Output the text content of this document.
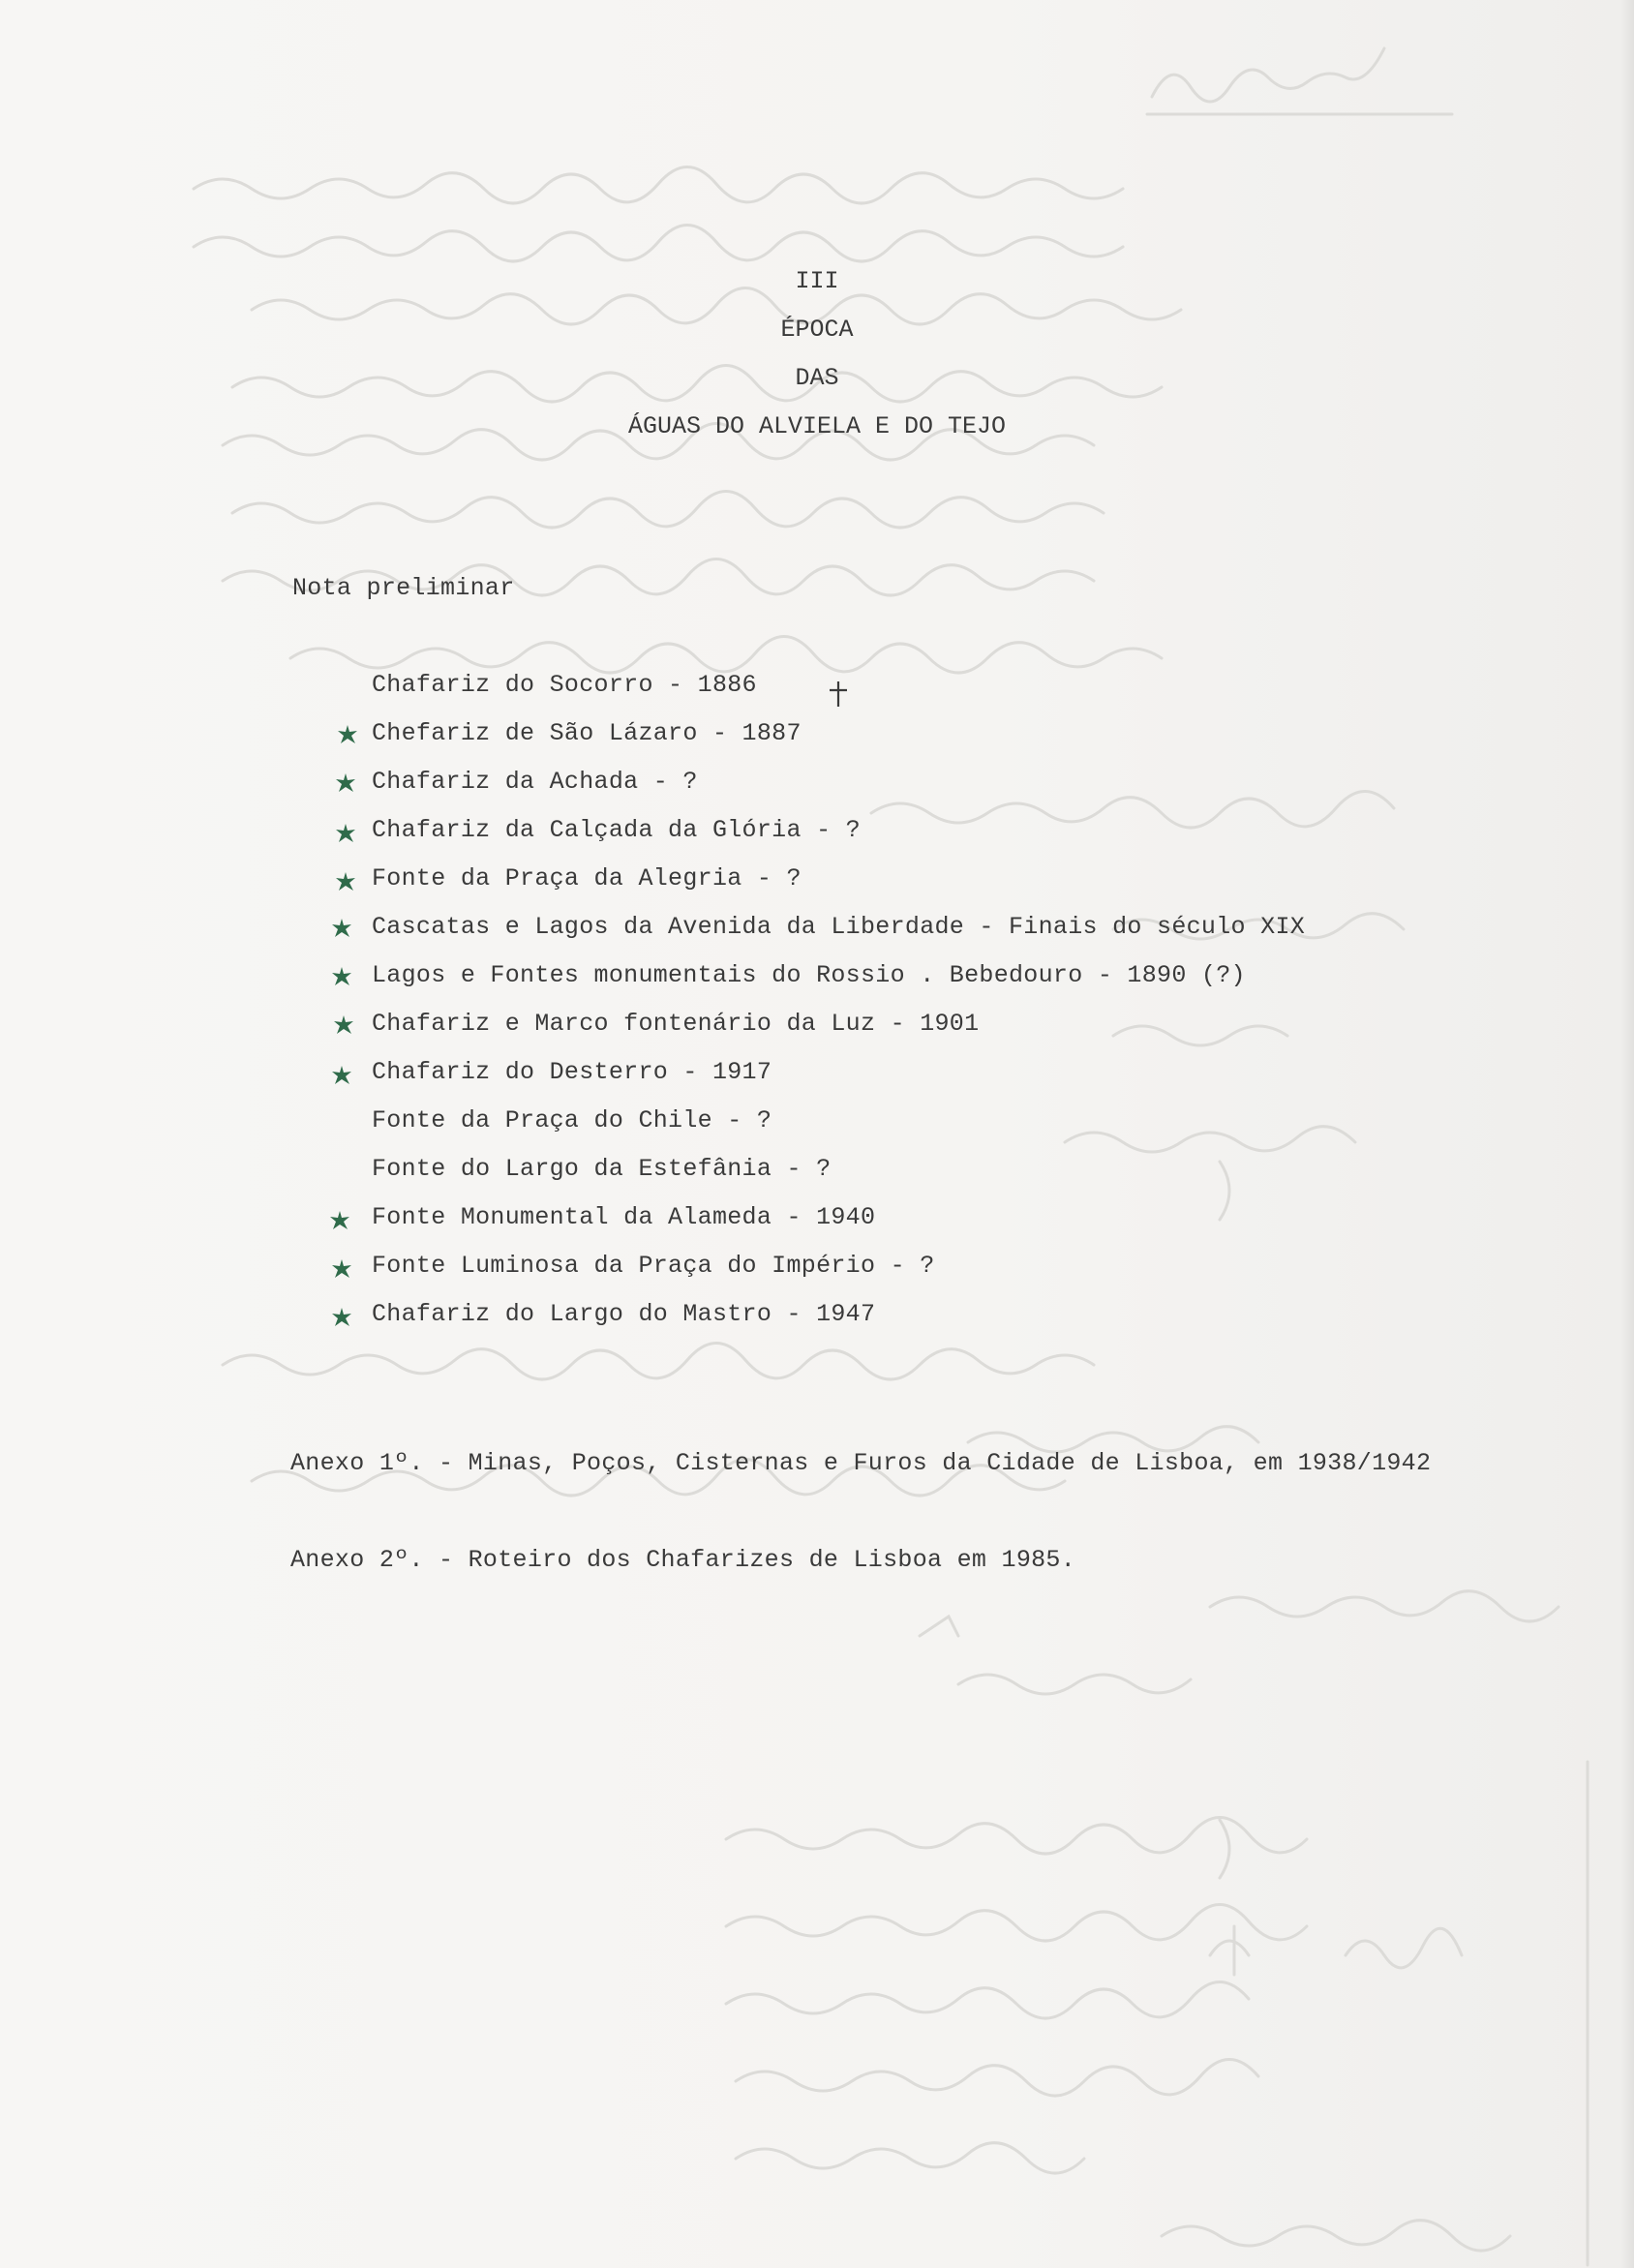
III
ÉPOCA
DAS
ÁGUAS DO ALVIELA E DO TEJO
Nota preliminar
Chafariz do Socorro - 1886
Chefariz de São Lázaro - 1887
Chafariz da Achada - ?
Chafariz da Calçada da Glória - ?
Fonte da Praça da Alegria - ?
Cascatas e Lagos da Avenida da Liberdade - Finais do século XIX
Lagos e Fontes monumentais do Rossio . Bebedouro - 1890 (?)
Chafariz e Marco fontenário da Luz - 1901
Chafariz do Desterro - 1917
Fonte da Praça do Chile - ?
Fonte do Largo da Estefânia - ?
Fonte Monumental da Alameda - 1940
Fonte Luminosa da Praça do Império - ?
Chafariz do Largo do Mastro - 1947
Anexo 1º. - Minas, Poços, Cisternas e Furos da Cidade de Lisboa, em 1938/1942
Anexo 2º. - Roteiro dos Chafarizes de Lisboa em 1985.
